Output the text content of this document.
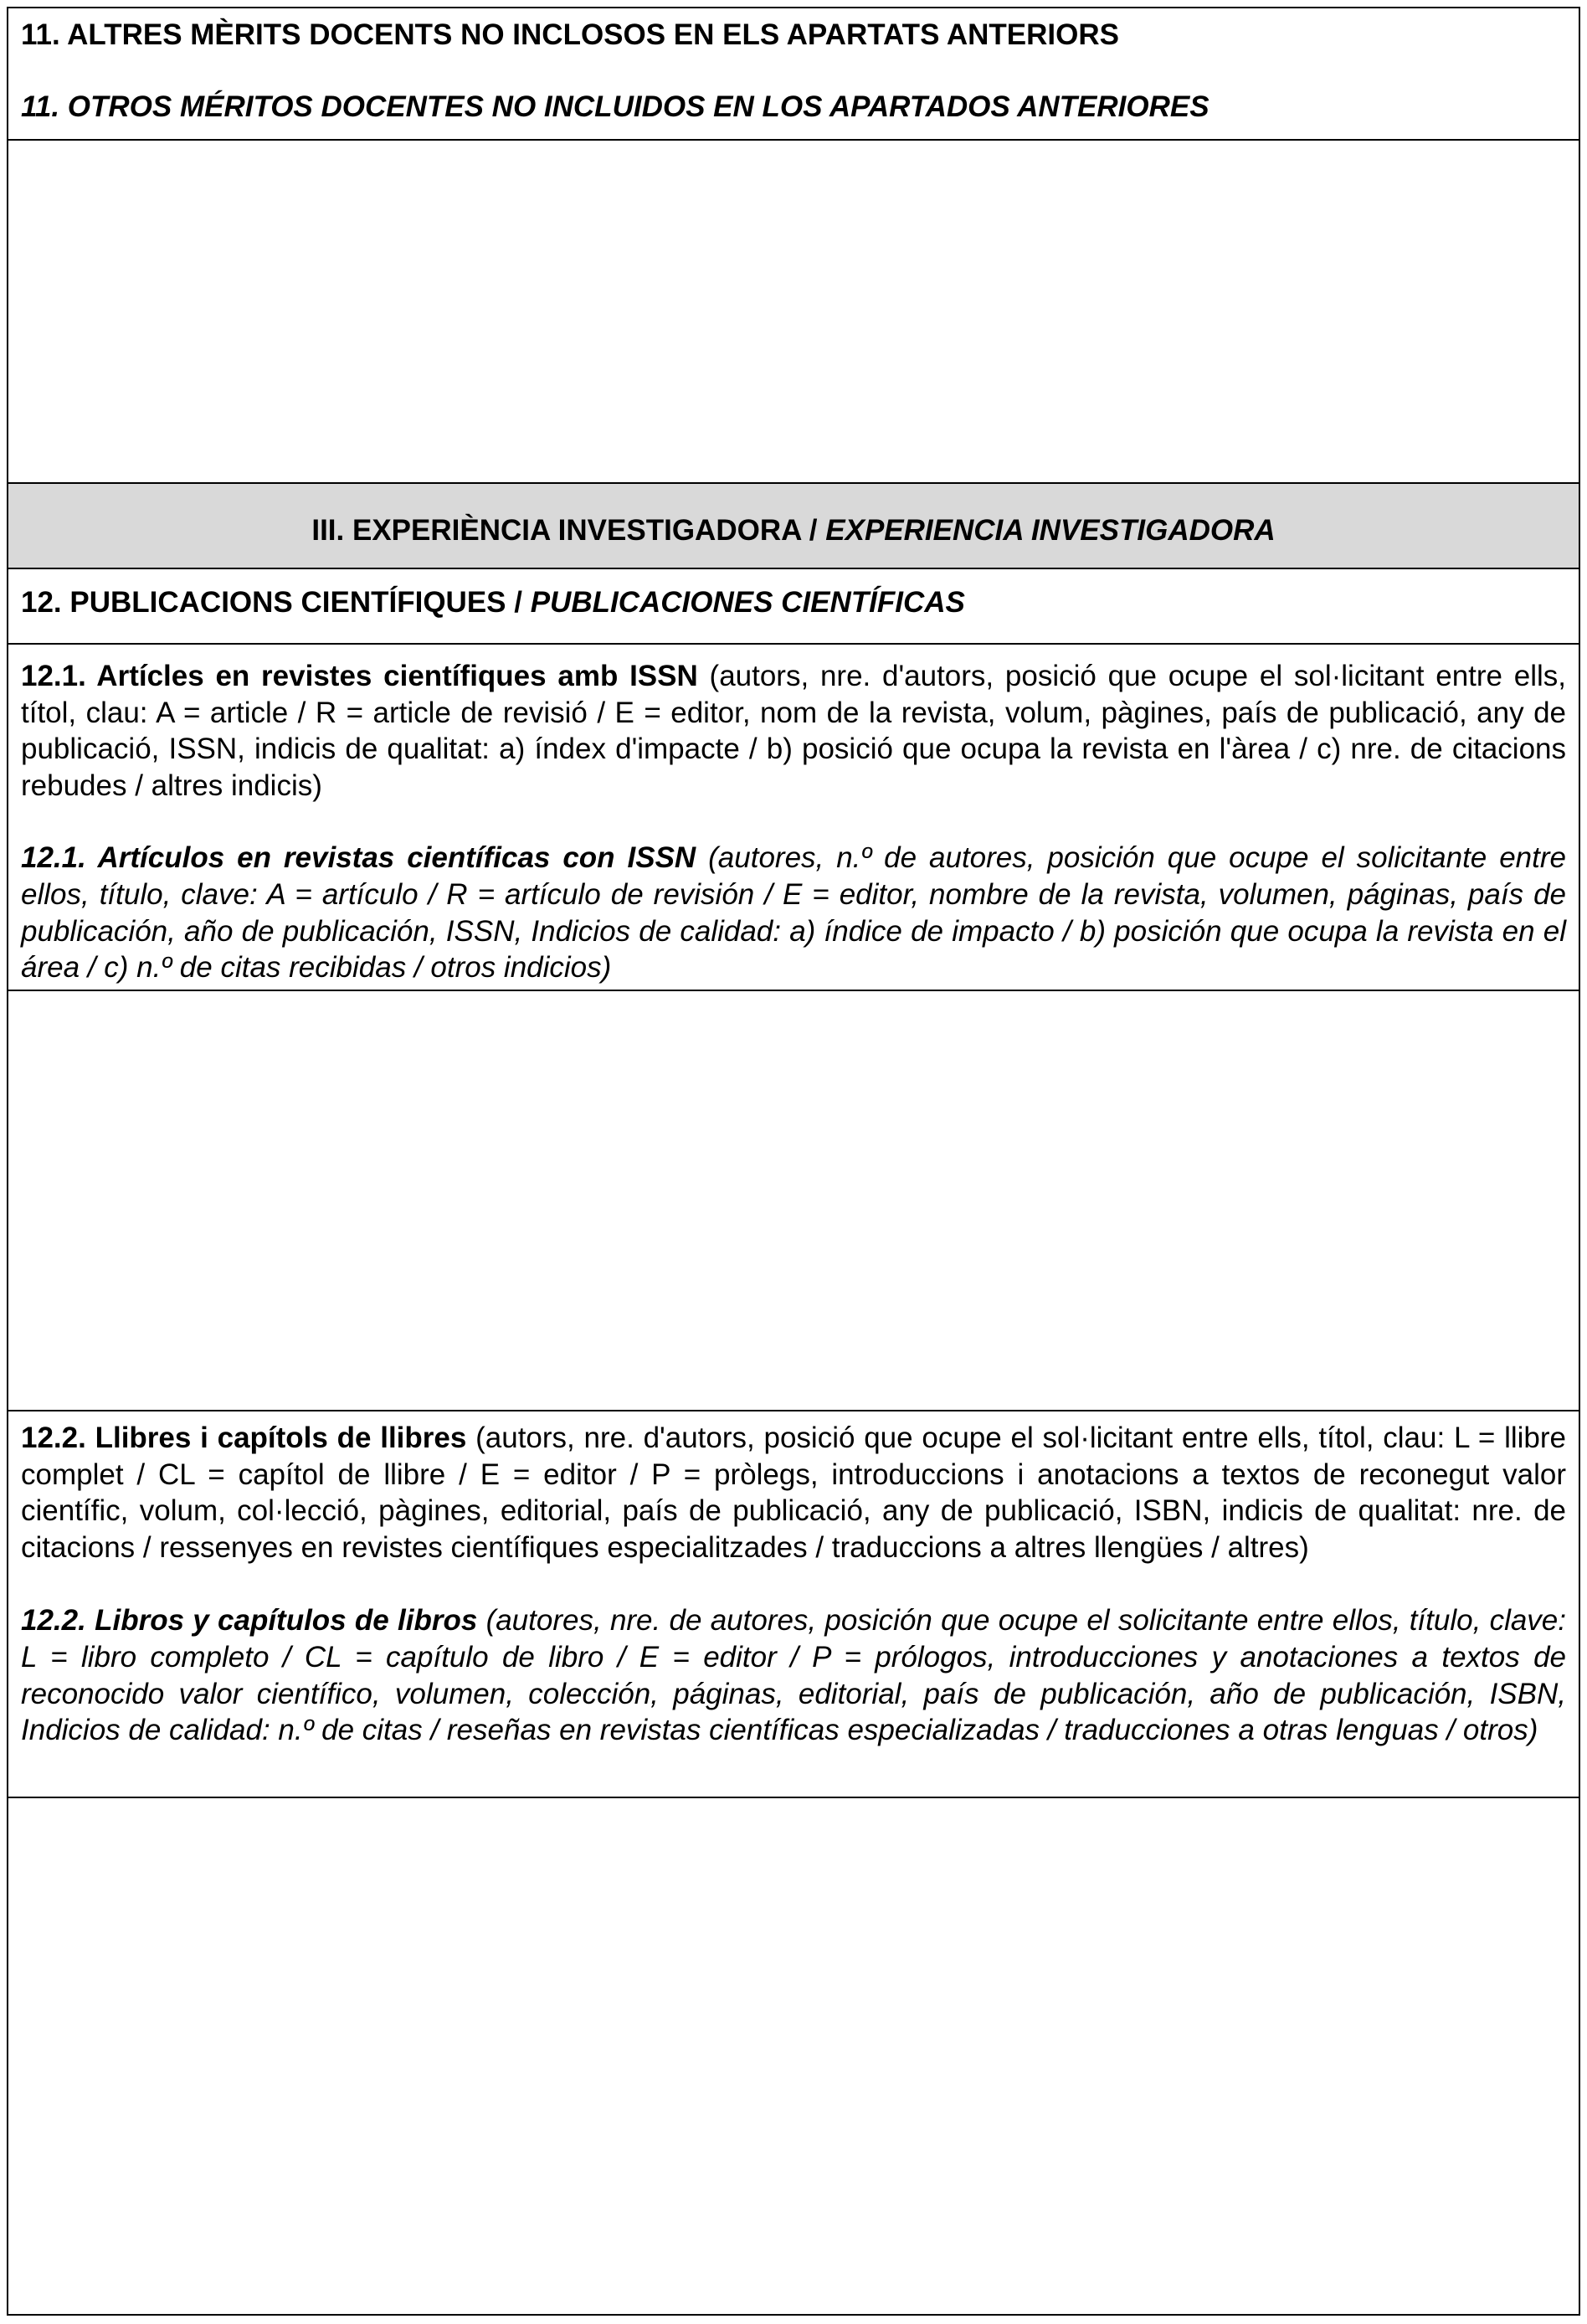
11. ALTRES MÈRITS DOCENTS NO INCLOSOS EN ELS APARTATS ANTERIORS

11. OTROS MÉRITOS DOCENTES NO INCLUIDOS EN LOS APARTADOS ANTERIORES

III. EXPERIÈNCIA INVESTIGADORA / EXPERIENCIA INVESTIGADORA

12. PUBLICACIONS CIENTÍFIQUES / PUBLICACIONES CIENTÍFICAS

12.1. Artícles en revistes científiques amb ISSN (autors, nre. d'autors, posició que ocupe el sol·licitant entre ells, títol, clau: A = article / R = article de revisió / E = editor, nom de la revista, volum, pàgines, país de publicació, any de publicació, ISSN, indicis de qualitat: a) índex d'impacte / b) posició que ocupa la revista en l'àrea / c) nre. de citacions rebudes / altres indicis)

12.1. Artículos en revistas científicas con ISSN (autores, n.º de autores, posición que ocupe el solicitante entre ellos, título, clave: A = artículo / R = artículo de revisión / E = editor, nombre de la revista, volumen, páginas, país de publicación, año de publicación, ISSN, Indicios de calidad: a) índice de impacto / b) posición que ocupa la revista en el área / c) n.º de citas recibidas / otros indicios)

12.2. Llibres i capítols de llibres (autors, nre. d'autors, posició que ocupe el sol·licitant entre ells, títol, clau: L = llibre complet / CL = capítol de llibre / E = editor / P = pròlegs, introduccions i anotacions a textos de reconegut valor científic, volum, col·lecció, pàgines, editorial, país de publicació, any de publicació, ISBN, indicis de qualitat: nre. de citacions / ressenyes en revistes científiques especialitzades / traduccions a altres llengües / altres)

12.2. Libros y capítulos de libros (autores, nre. de autores, posición que ocupe el solicitante entre ellos, título, clave: L = libro completo / CL = capítulo de libro / E = editor / P = prólogos, introducciones y anotaciones a textos de reconocido valor científico, volumen, colección, páginas, editorial, país de publicación, año de publicación, ISBN, Indicios de calidad: n.º de citas / reseñas en revistas científicas especializadas / traducciones a otras lenguas / otros)
